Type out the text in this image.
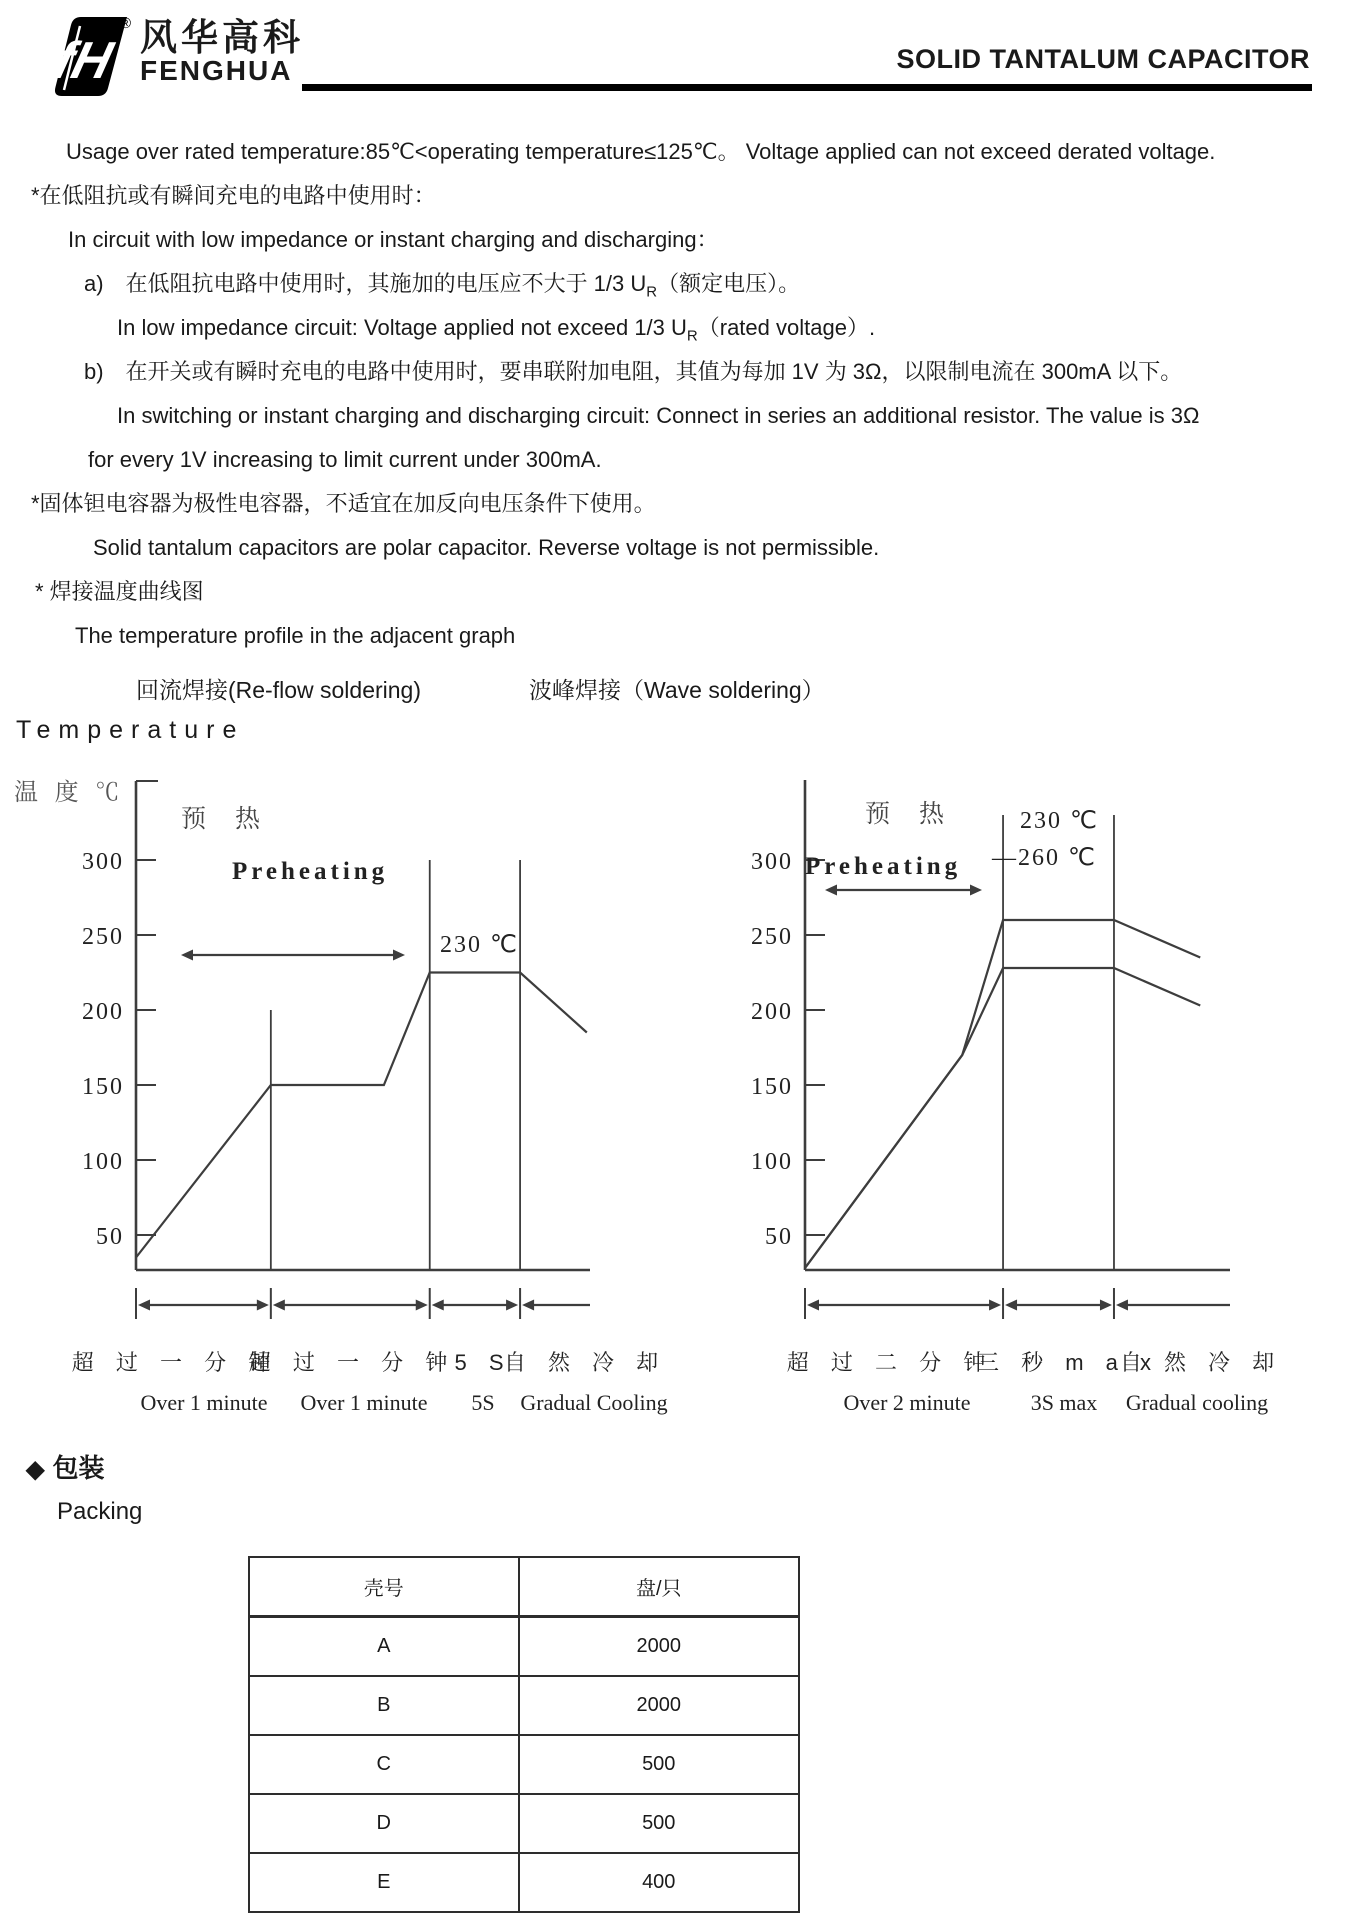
fH
® 风华高科
FENGHUA	SOLID TANTALUM CAPACITOR
Usage over rated temperature:85℃<operating temperature≤125℃。 Voltage applied can not exceed derated voltage.
*在低阻抗或有瞬间充电的电路中使用时：
In circuit with low impedance or instant charging and discharging：
a)　在低阻抗电路中使用时，其施加的电压应不大于 1/3 $U_R$（额定电压）。
In low impedance circuit: Voltage applied not exceed 1/3 $U_R(rated$ voltage）.
b)　在开关或有瞬时充电的电路中使用时，要串联附加电阻，其值为每加 1V 为 3Ω，以限制电流在 300mA 以下。
In switching or instant charging and discharging circuit: Connect in series an additional resistor. The value is 3Ω
for every 1V increasing to limit current under 300mA.
*固体钽电容器为极性电容器，不适宜在加反向电压条件下使用。
Solid tantalum capacitors are polar capacitor. Reverse voltage is not permissible.
* 焊接温度曲线图
The temperature profile in the adjacent graph
回流焊接(Re-flow soldering)	波峰焊接（Wave soldering）
Temperature
300
250
200
150
100
50
温 度 ℃
预 热
Preheating
230 ℃
超 过 一 分 钟
Over 1 minute
超 过 一 分 钟
Over 1 minute
5 S
5S
自 然 冷 却
Gradual Cooling
300
250
200
150
100
50
预 热
Preheating
230 ℃
—260 ℃
超 过 二 分 钟
Over 2 minute
三 秒 m a x
3S max
自 然 冷 却
Gradual cooling
◆ 包装
Packing
壳号	盘/只
A	2000
B	2000
C	500
D	500
E	400
